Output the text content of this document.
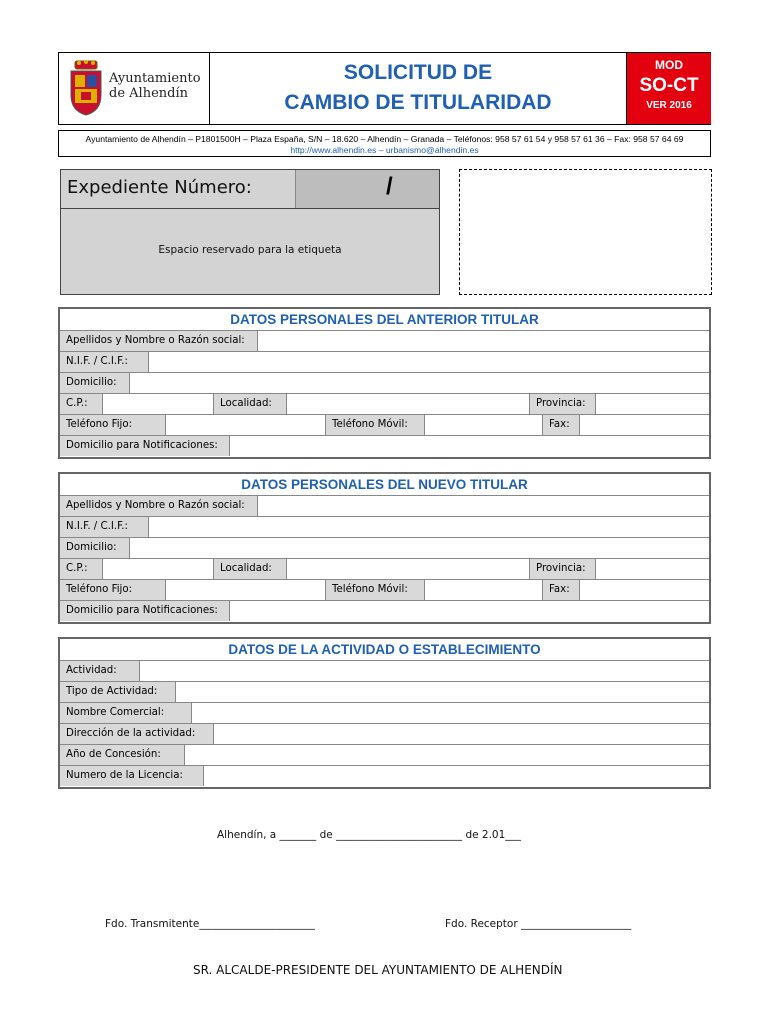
Ayuntamiento
de Alhendín
SOLICITUD DE
CAMBIO DE TITULARIDAD
MOD
SO-CT
VER 2016
Ayuntamiento de Alhendín – P1801500H – Plaza España, S/N – 18.620 – Alhendín – Granada – Teléfonos: 958 57 61 54 y 958 57 61 36 – Fax: 958 57 64 69
http://www.alhendin.es – urbanismo@alhendin.es
Expediente Número:	/
Espacio reservado para la etiqueta
DATOS PERSONALES DEL ANTERIOR TITULAR
Apellidos y Nombre o Razón social:
N.I.F. / C.I.F.:
Domicilio:
C.P.:	Localidad:	Provincia:
Teléfono Fijo:	Teléfono Móvil:	Fax:
Domicilio para Notificaciones:
DATOS PERSONALES DEL NUEVO TITULAR
Apellidos y Nombre o Razón social:
N.I.F. / C.I.F.:
Domicilio:
C.P.:	Localidad:	Provincia:
Teléfono Fijo:	Teléfono Móvil:	Fax:
Domicilio para Notificaciones:
DATOS DE LA ACTIVIDAD O ESTABLECIMIENTO
Actividad:
Tipo de Actividad:
Nombre Comercial:
Dirección de la actividad:
Año de Concesión:
Numero de la Licencia:
Alhendín, a _______ de ________________________ de 2.01___
Fdo. Transmitente______________________	Fdo. Receptor _____________________
SR. ALCALDE-PRESIDENTE DEL AYUNTAMIENTO DE ALHENDÍN
